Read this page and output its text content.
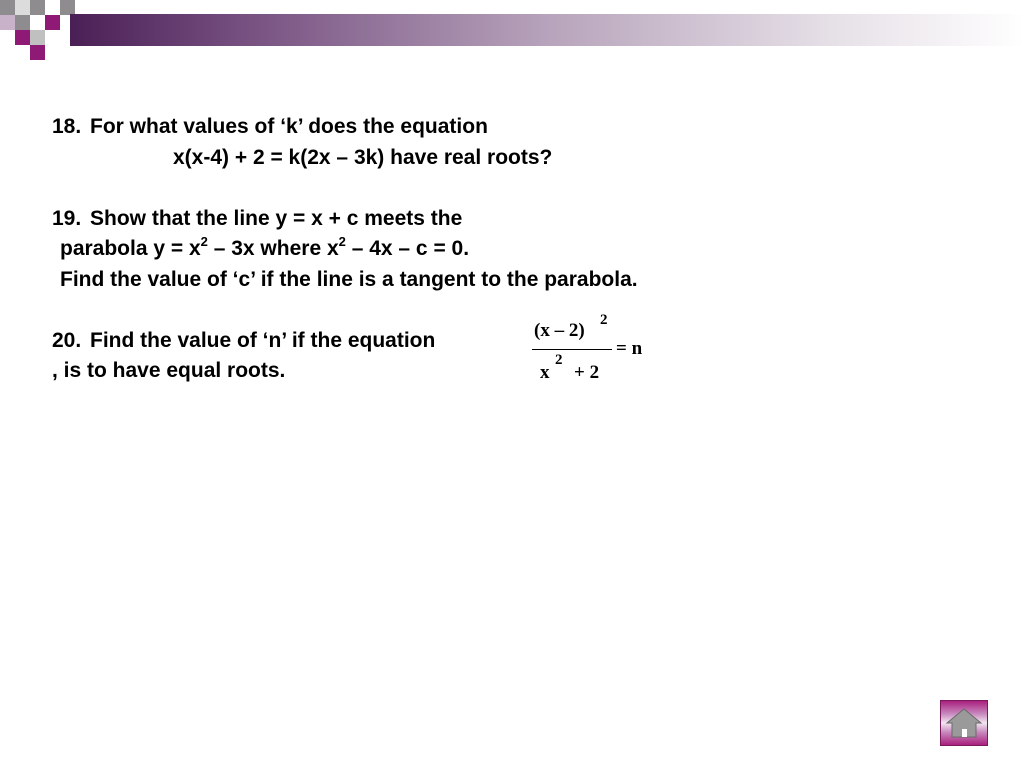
18. For what values of ‘k’ does the equation
x(x-4) + 2 = k(2x – 3k) have real roots?
19. Show that the line y = x + c meets the
parabola $y = x^2 - 3x$ where $x^2 - 4x - c = 0$.
Find the value of ‘c’ if the line is a tangent to the parabola.
20. Find the value of ‘n’ if the equation
, is to have equal roots.
(x – 2) 2
= n
x
2
+ 2
